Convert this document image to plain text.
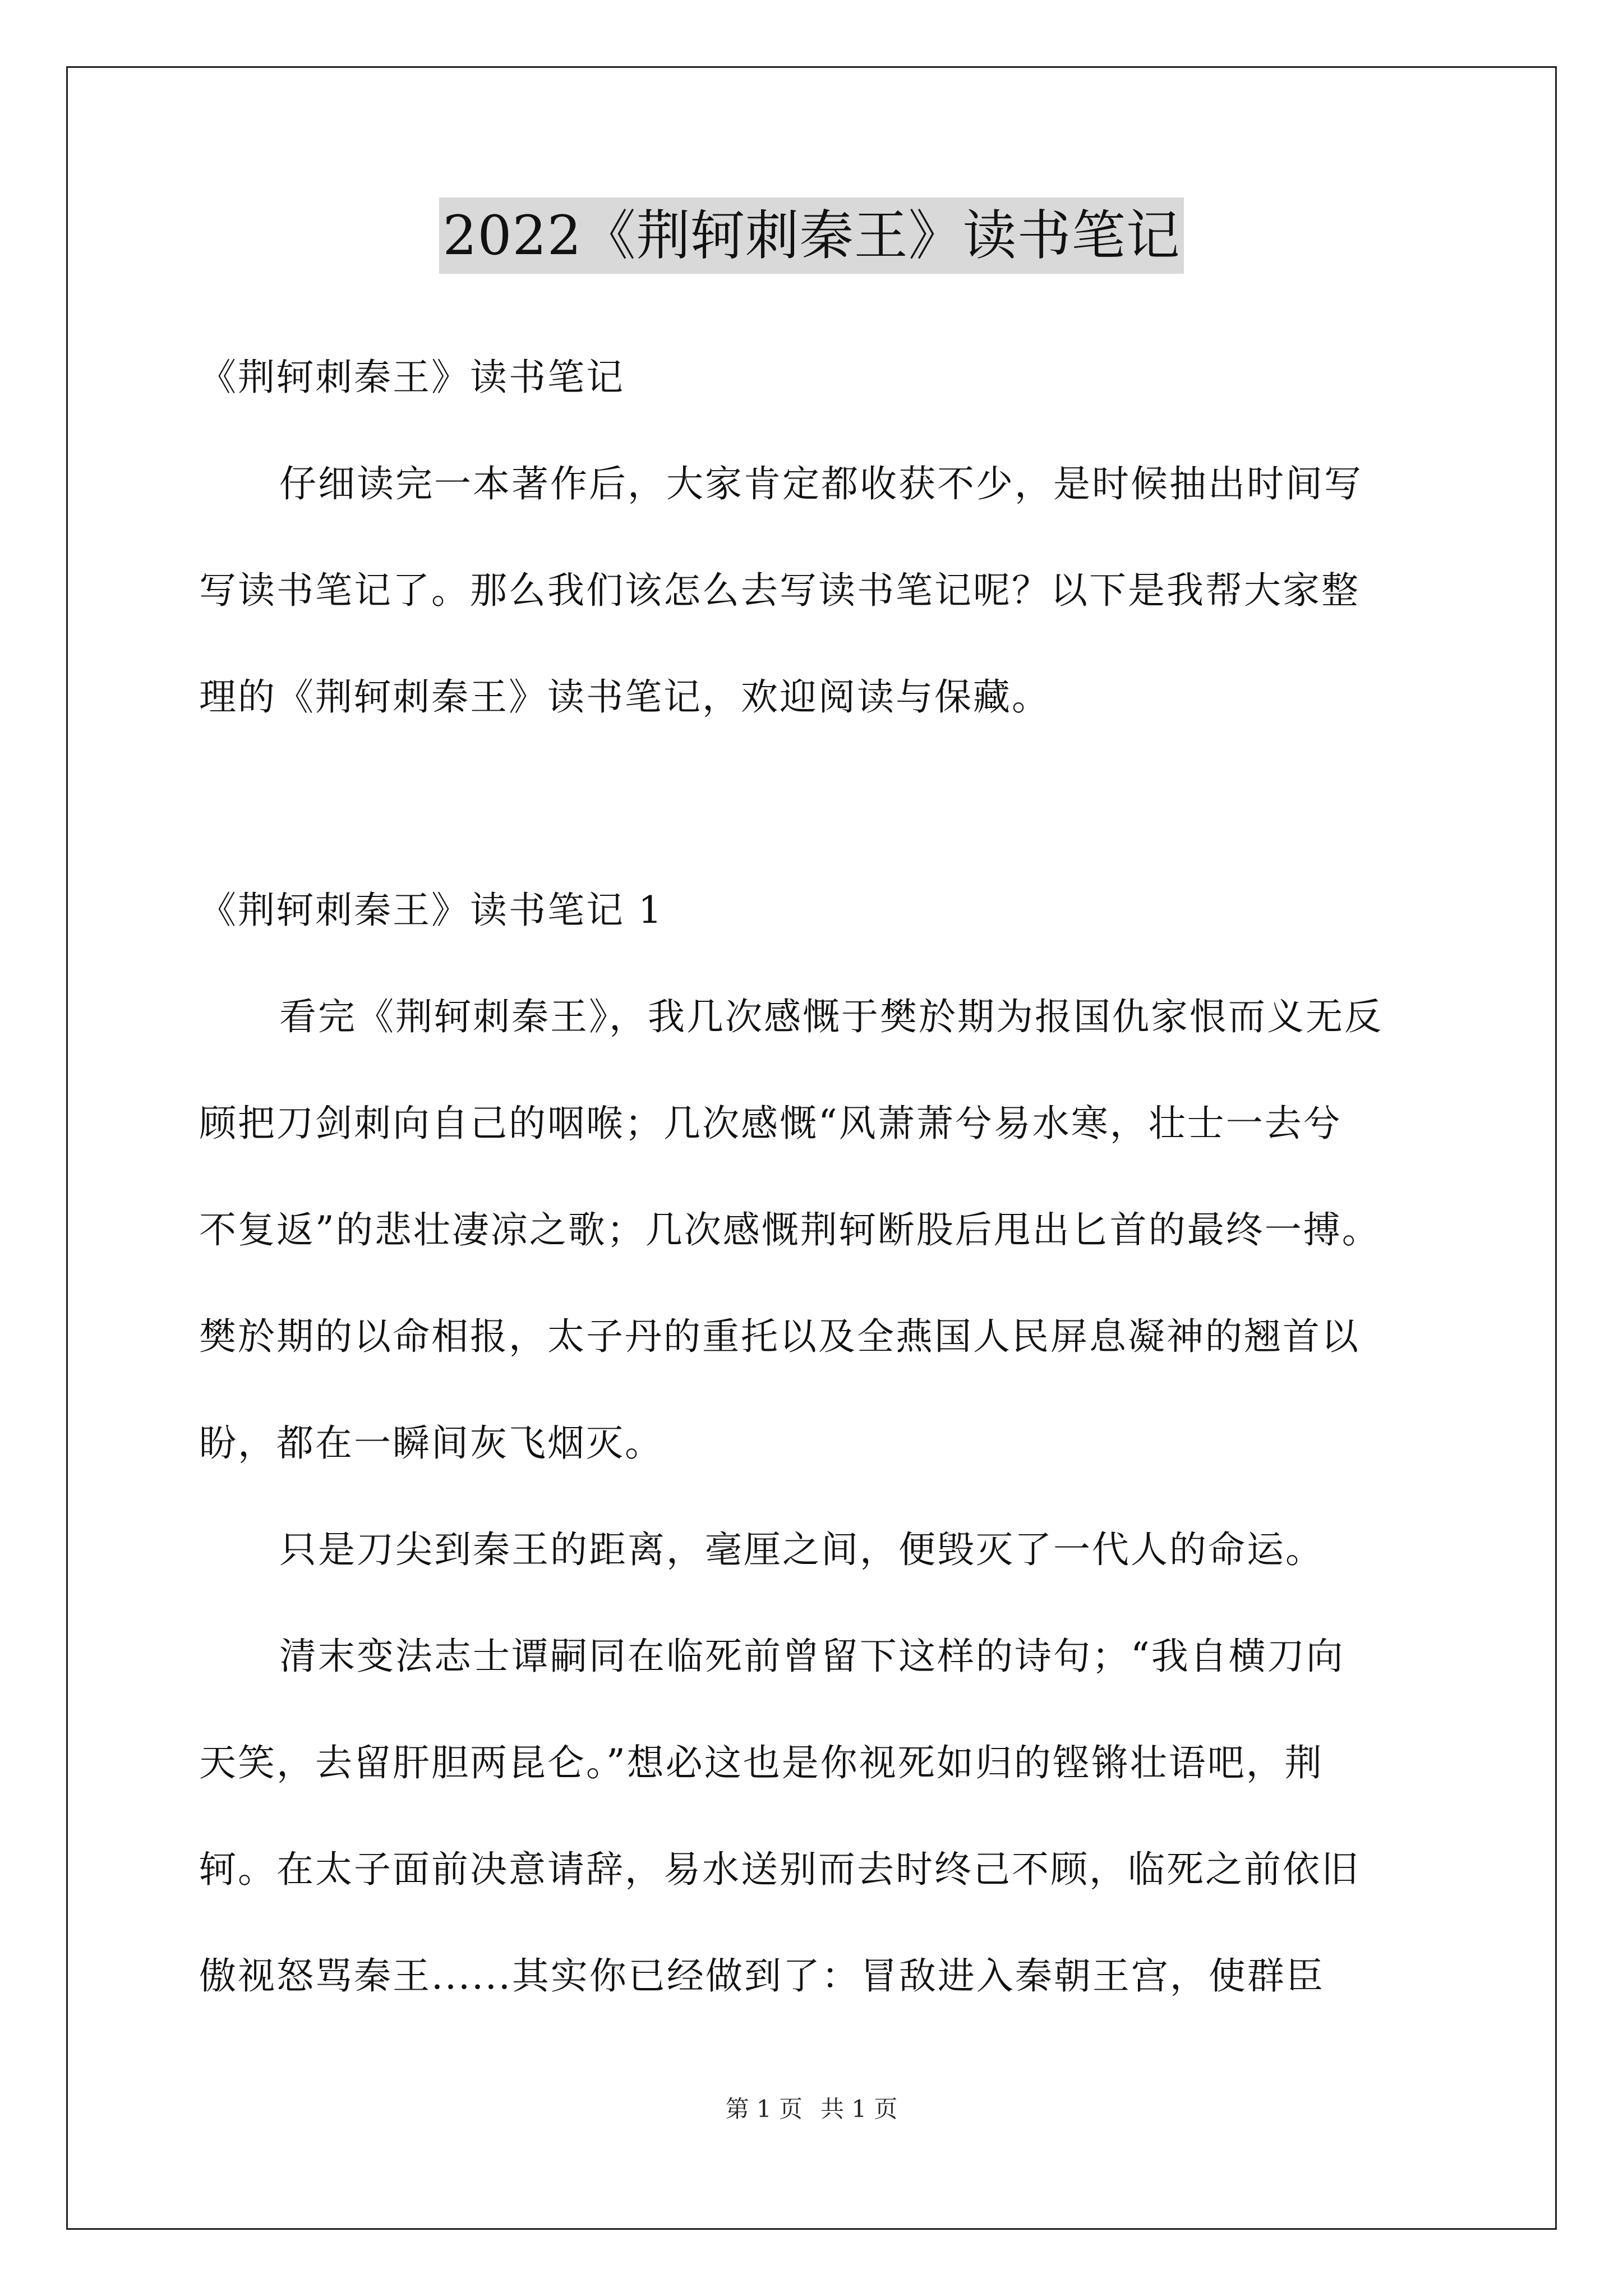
2022《荆轲刺秦王》读书笔记
《荆轲刺秦王》读书笔记
仔细读完一本著作后，大家肯定都收获不少，是时候抽出时间写
写读书笔记了。那么我们该怎么去写读书笔记呢？以下是我帮大家整
理的《荆轲刺秦王》读书笔记，欢迎阅读与保藏。
《荆轲刺秦王》读书笔记 1
看完《荆轲刺秦王》，我几次感慨于樊於期为报国仇家恨而义无反
顾把刀剑刺向自己的咽喉；几次感慨“风萧萧兮易水寒，壮士一去兮
不复返”的悲壮凄凉之歌；几次感慨荆轲断股后甩出匕首的最终一搏。
樊於期的以命相报，太子丹的重托以及全燕国人民屏息凝神的翘首以
盼，都在一瞬间灰飞烟灭。
只是刀尖到秦王的距离，毫厘之间，便毁灭了一代人的命运。
清末变法志士谭嗣同在临死前曾留下这样的诗句；“我自横刀向
天笑，去留肝胆两昆仑。”想必这也是你视死如归的铿锵壮语吧，荆
轲。在太子面前决意请辞，易水送别而去时终己不顾，临死之前依旧
傲视怒骂秦王......其实你已经做到了：冒敌进入秦朝王宫，使群臣
第 1 页 共 1 页
